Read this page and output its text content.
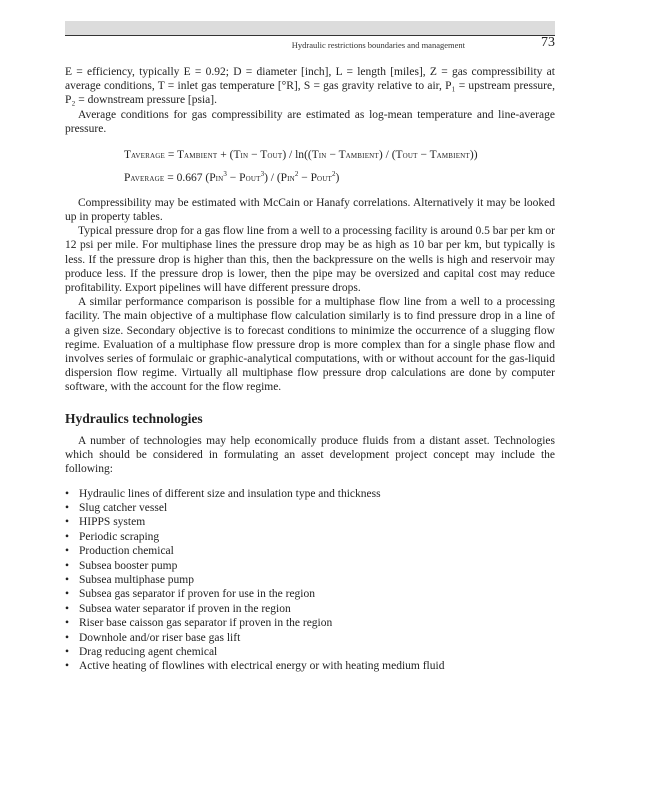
Hydraulic restrictions boundaries and management	73

E = efficiency, typically E = 0.92; D = diameter [inch], L = length [miles], Z = gas compressibility at average conditions, T = inlet gas temperature [°R], S = gas gravity relative to air, P₁ = upstream pressure, P₂ = downstream pressure [psia].

Average conditions for gas compressibility are estimated as log-mean temperature and line-average pressure.

TAVERAGE = TAMBIENT + (TIN − TOUT) / ln((TIN − TAMBIENT) / (TOUT − TAMBIENT))
PAVERAGE = 0.667 ($PIN^3$ − $POUT^3) / (PIN^2$ − $POUT^2$)

Compressibility may be estimated with McCain or Hanafy correlations. Alternatively it may be looked up in property tables.

Typical pressure drop for a gas flow line from a well to a processing facility is around 0.5 bar per km or 12 psi per mile. For multiphase lines the pressure drop may be as high as 10 bar per km, but typically is less. If the pressure drop is higher than this, then the backpressure on the wells is high and reservoir may produce less. If the pressure drop is lower, then the pipe may be oversized and capital cost may reduce profitability. Export pipelines will have different pressure drops.

A similar performance comparison is possible for a multiphase flow line from a well to a processing facility. The main objective of a multiphase flow calculation similarly is to find pressure drop in a line of a given size. Secondary objective is to forecast conditions to minimize the occurrence of a slugging flow regime. Evaluation of a multiphase flow pressure drop is more complex than for a single phase flow and involves series of formulaic or graphic-analytical computations, with or without account for the gas-liquid dispersion flow regime. Virtually all multiphase flow pressure drop calculations are done by computer software, with the account for the flow regime.

Hydraulics technologies

A number of technologies may help economically produce fluids from a distant asset. Technologies which should be considered in formulating an asset development project concept may include the following:

• Hydraulic lines of different size and insulation type and thickness
• Slug catcher vessel
• HIPPS system
• Periodic scraping
• Production chemical
• Subsea booster pump
• Subsea multiphase pump
• Subsea gas separator if proven for use in the region
• Subsea water separator if proven in the region
• Riser base caisson gas separator if proven in the region
• Downhole and/or riser base gas lift
• Drag reducing agent chemical
• Active heating of flowlines with electrical energy or with heating medium fluid
